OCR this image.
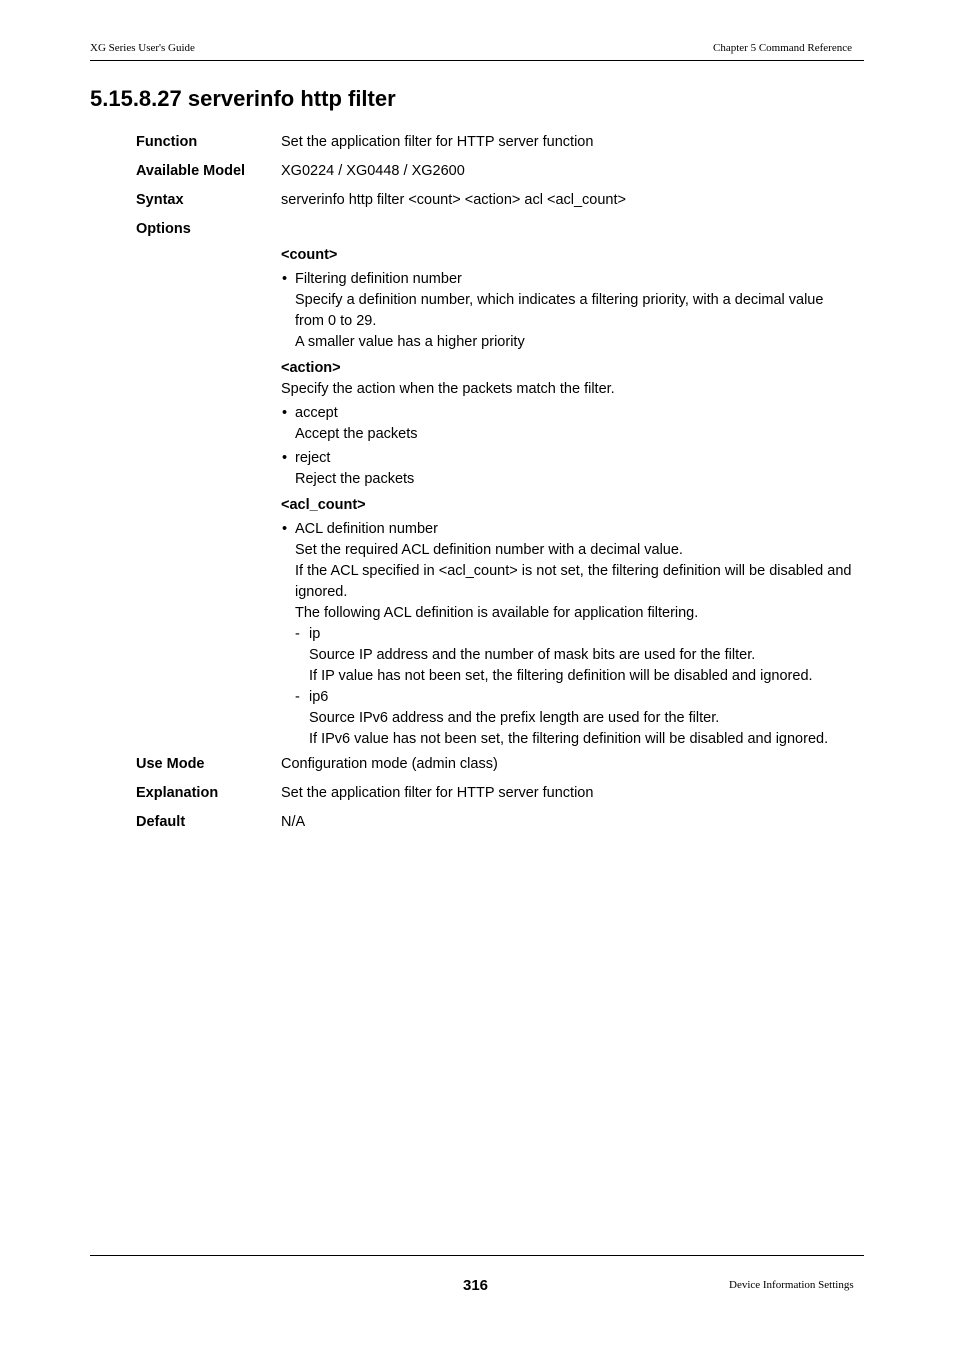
XG Series User's Guide	Chapter 5 Command Reference
5.15.8.27 serverinfo http filter
Function	Set the application filter for HTTP server function
Available Model XG0224 / XG0448 / XG2600
Syntax	serverinfo http filter <count> <action> acl <acl_count>
Options
<count>
• Filtering definition number
Specify a definition number, which indicates a filtering priority, with a decimal value
from 0 to 29.
A smaller value has a higher priority
<action>
Specify the action when the packets match the filter.
• accept
Accept the packets
• reject
Reject the packets
<acl_count>
• ACL definition number
Set the required ACL definition number with a decimal value.
If the ACL specified in <acl_count> is not set, the filtering definition will be disabled and
ignored.
The following ACL definition is available for application filtering.
- ip
Source IP address and the number of mask bits are used for the filter.
If IP value has not been set, the filtering definition will be disabled and ignored.
- ip6
Source IPv6 address and the prefix length are used for the filter.
If IPv6 value has not been set, the filtering definition will be disabled and ignored.
Use Mode	Configuration mode (admin class)
Explanation	Set the application filter for HTTP server function
Default	N/A
316	Device Information Settings
